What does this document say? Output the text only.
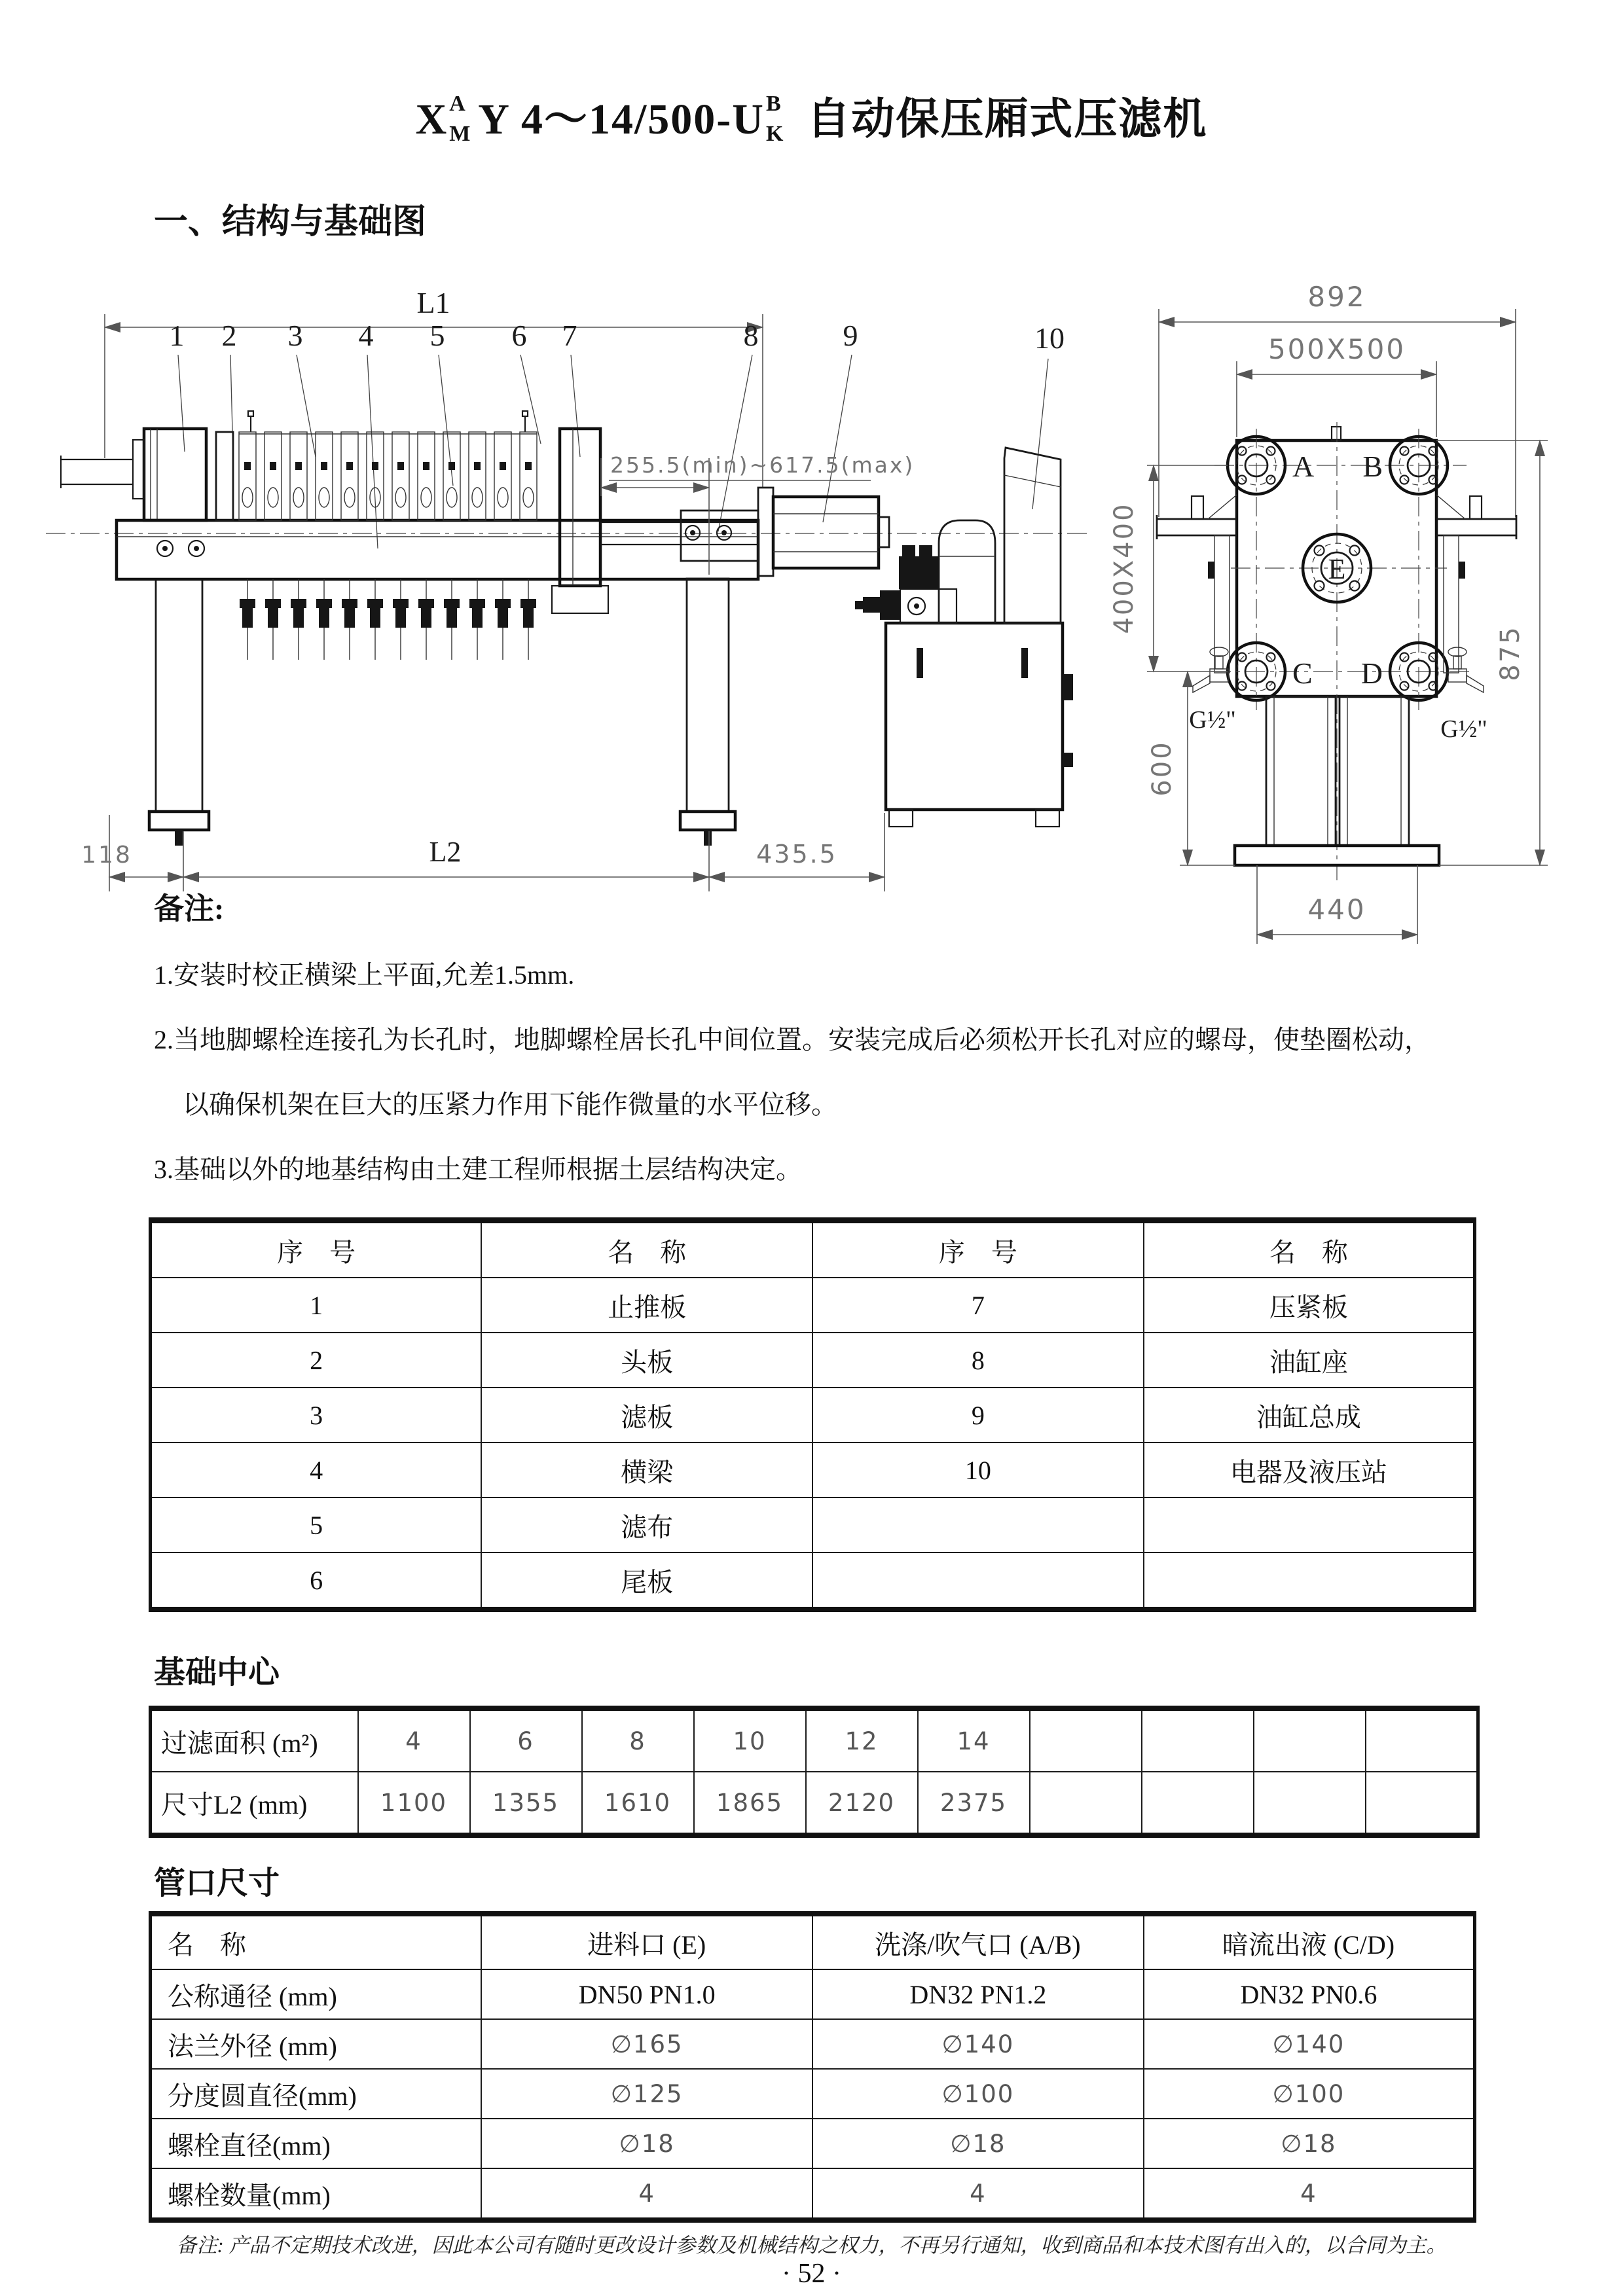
X A
M Y 4～14/500-U B
K 自动保压厢式压滤机
一、结构与基础图
L1
1 2 3 4 5 6 7	8	9	10
255.5(min)~617.5(max)
118	L2	435.5
892
500X500
A B
C D
E
G½"	G½"
400X400
600
875
440
备注:
1.安装时校正横梁上平面,允差1.5mm.
2.当地脚螺栓连接孔为长孔时，地脚螺栓居长孔中间位置。安装完成后必须松开长孔对应的螺母，使垫圈松动，
以确保机架在巨大的压紧力作用下能作微量的水平位移。
3.基础以外的地基结构由土建工程师根据土层结构决定。
序　号	名　称	序　号	名　称
1	止推板	7	压紧板
2	头板	8	油缸座
3	滤板	9	油缸总成
4	横梁	10	电器及液压站
5	滤布		
6	尾板		
基础中心
过滤面积 (m²)	4	6	8	10	12	14				
尺寸L2 (mm)	1100	1355	1610	1865	2120	2375				
管口尺寸
名　称	进料口 (E)	洗涤/吹气口 (A/B)	暗流出液 (C/D)
公称通径 (mm)	DN50 PN1.0	DN32 PN1.2	DN32 PN0.6
法兰外径 (mm)	∅165	∅140	∅140
分度圆直径(mm)	∅125	∅100	∅100
螺栓直径(mm)	∅18	∅18	∅18
螺栓数量(mm)	4	4	4
备注: 产品不定期技术改进，因此本公司有随时更改设计参数及机械结构之权力，不再另行通知，收到商品和本技术图有出入的，以合同为主。
· 52 ·
